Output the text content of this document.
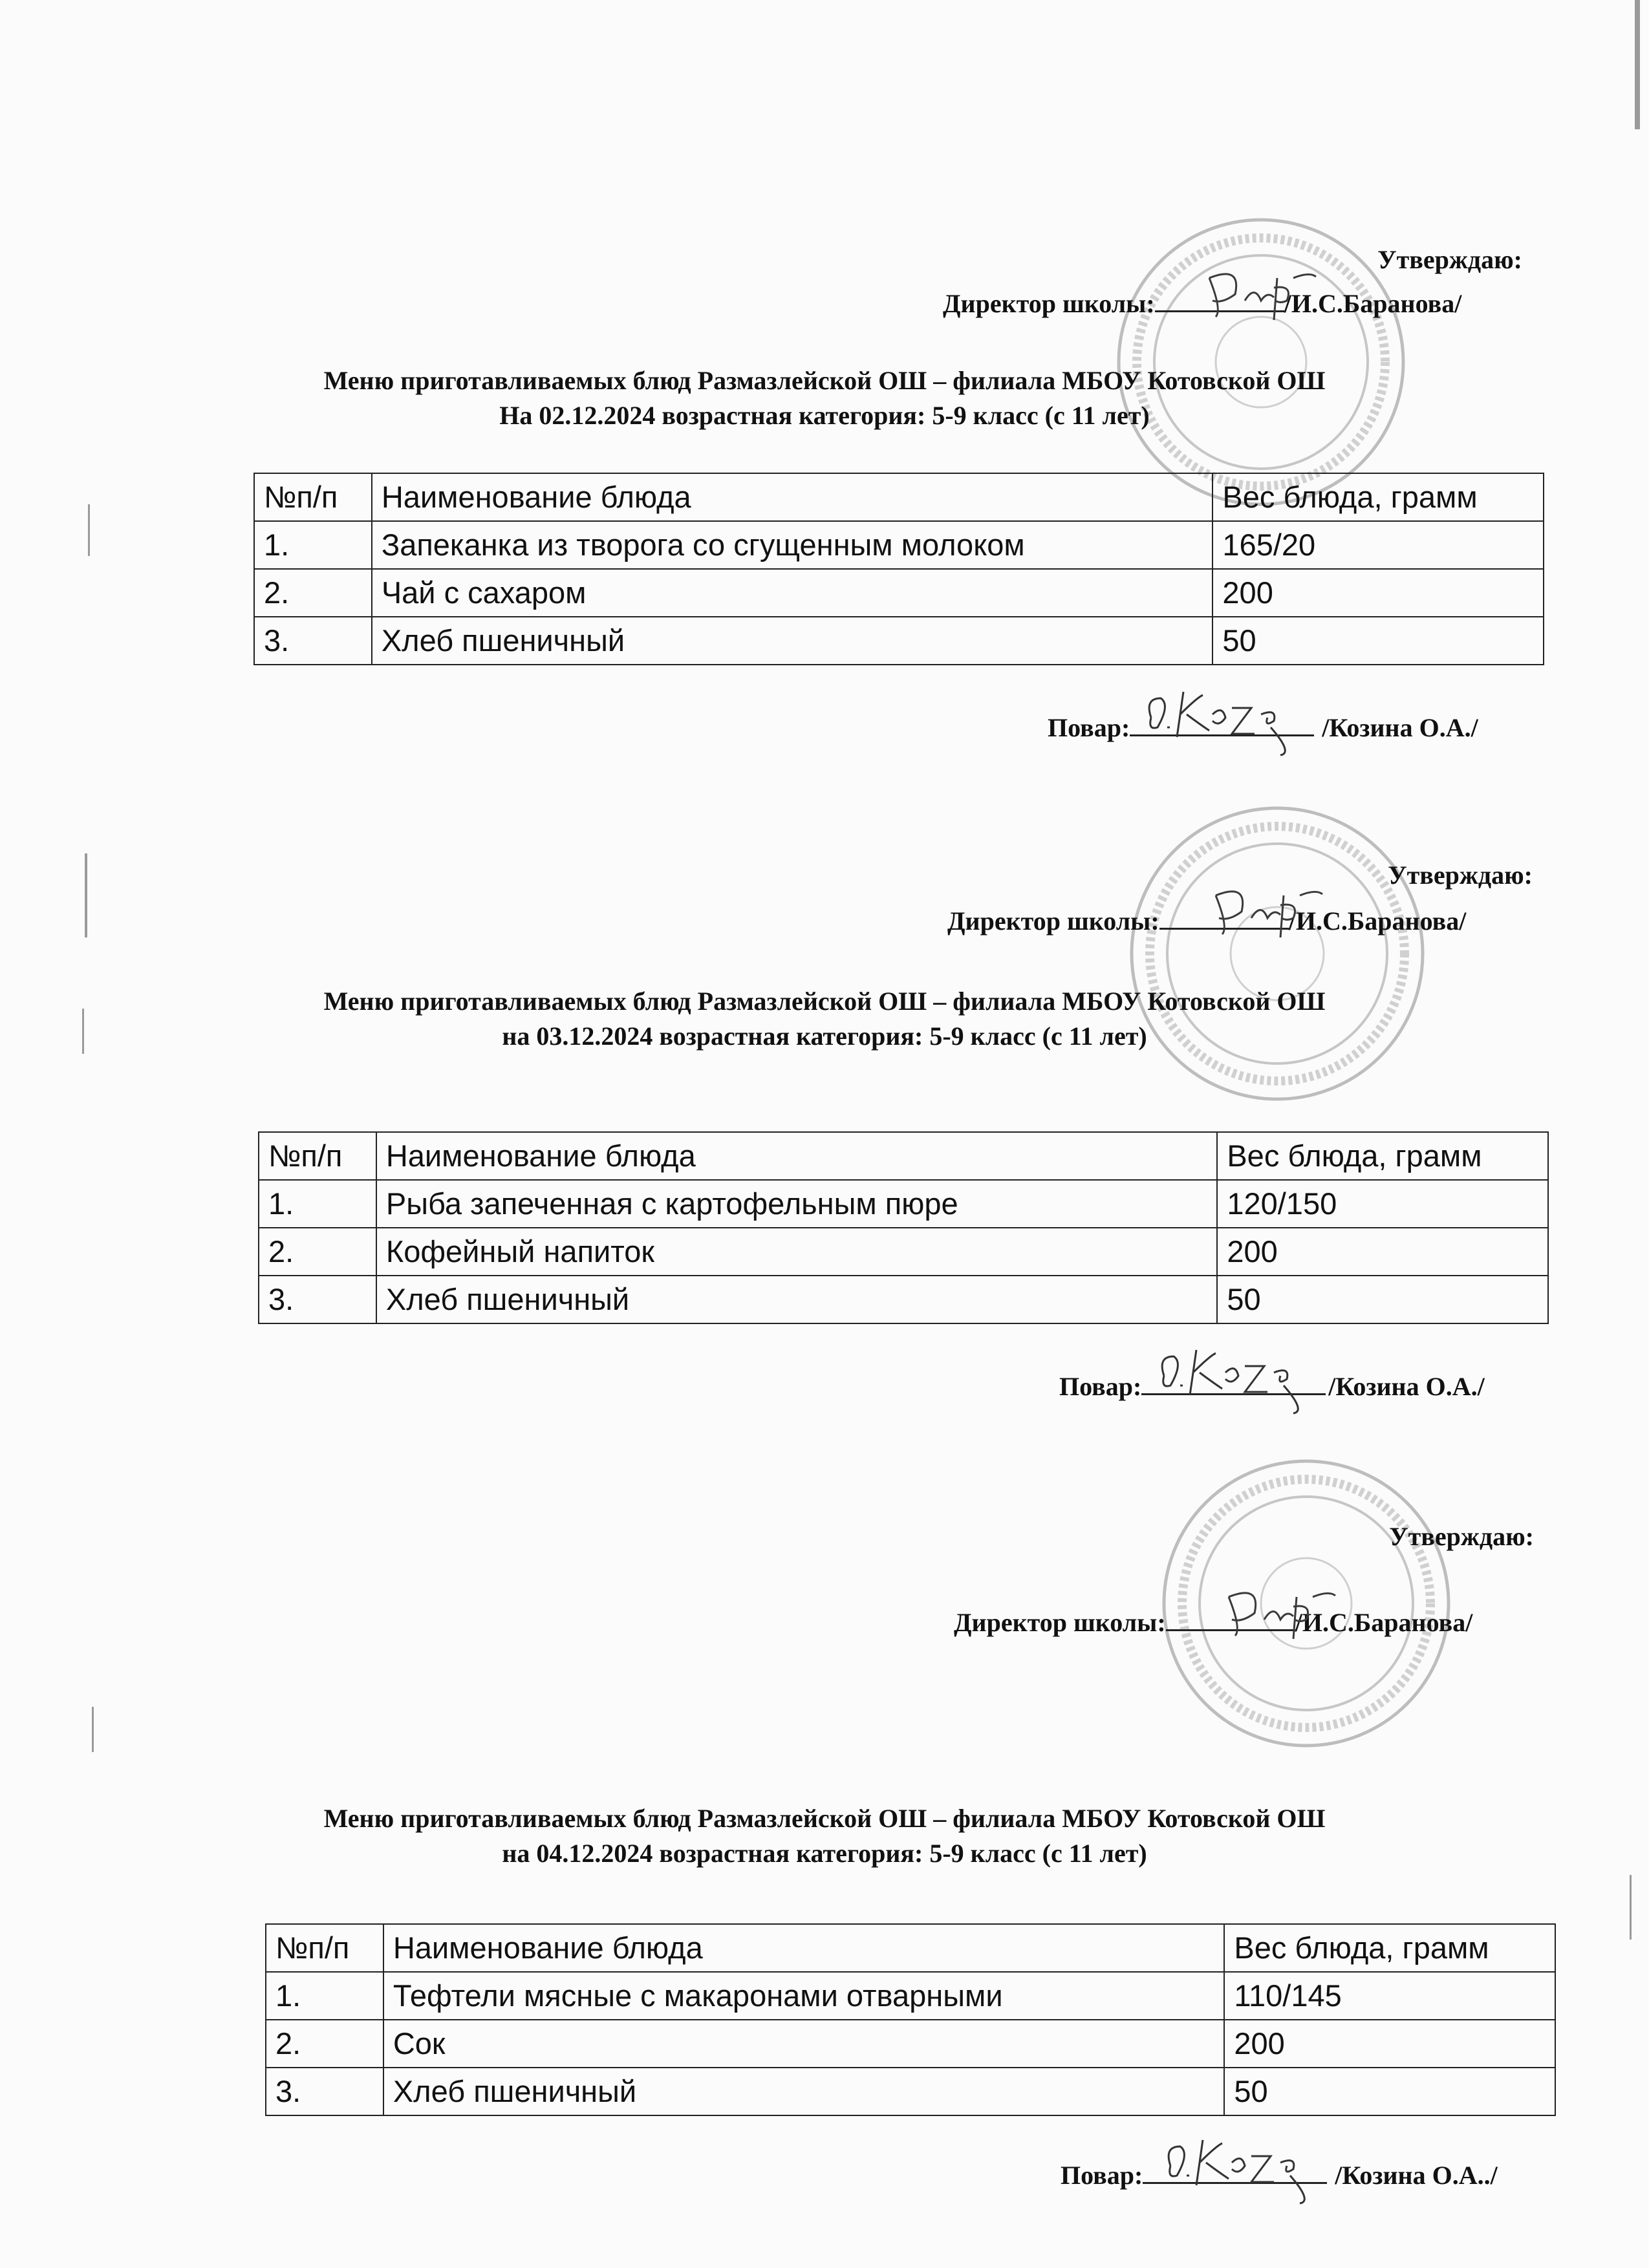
Утверждаю:
Директор школы:	/И.С.Баранова/
Меню приготавливаемых блюд Размазлейской ОШ – филиала МБОУ Котовской ОШ
На 02.12.2024 возрастная категория: 5-9 класс (с 11 лет)
№п/п	Наименование блюда	Вес блюда, грамм
1.	Запеканка из творога со сгущенным молоком	165/20
2.	Чай с сахаром	200
3.	Хлеб пшеничный	50
Повар:	/Козина О.А./
Утверждаю:
Директор школы:	/И.С.Баранова/
Меню приготавливаемых блюд Размазлейской ОШ – филиала МБОУ Котовской ОШ
на 03.12.2024 возрастная категория: 5-9 класс (с 11 лет)
№п/п	Наименование блюда	Вес блюда, грамм
1.	Рыба запеченная с картофельным пюре	120/150
2.	Кофейный напиток	200
3.	Хлеб пшеничный	50
Повар:	/Козина О.А./
Утверждаю:
Директор школы:	/И.С.Баранова/
Меню приготавливаемых блюд Размазлейской ОШ – филиала МБОУ Котовской ОШ
на 04.12.2024 возрастная категория: 5-9 класс (с 11 лет)
№п/п	Наименование блюда	Вес блюда, грамм
1.	Тефтели мясные с макаронами отварными	110/145
2.	Сок	200
3.	Хлеб пшеничный	50
Повар:	/Козина О.А../
